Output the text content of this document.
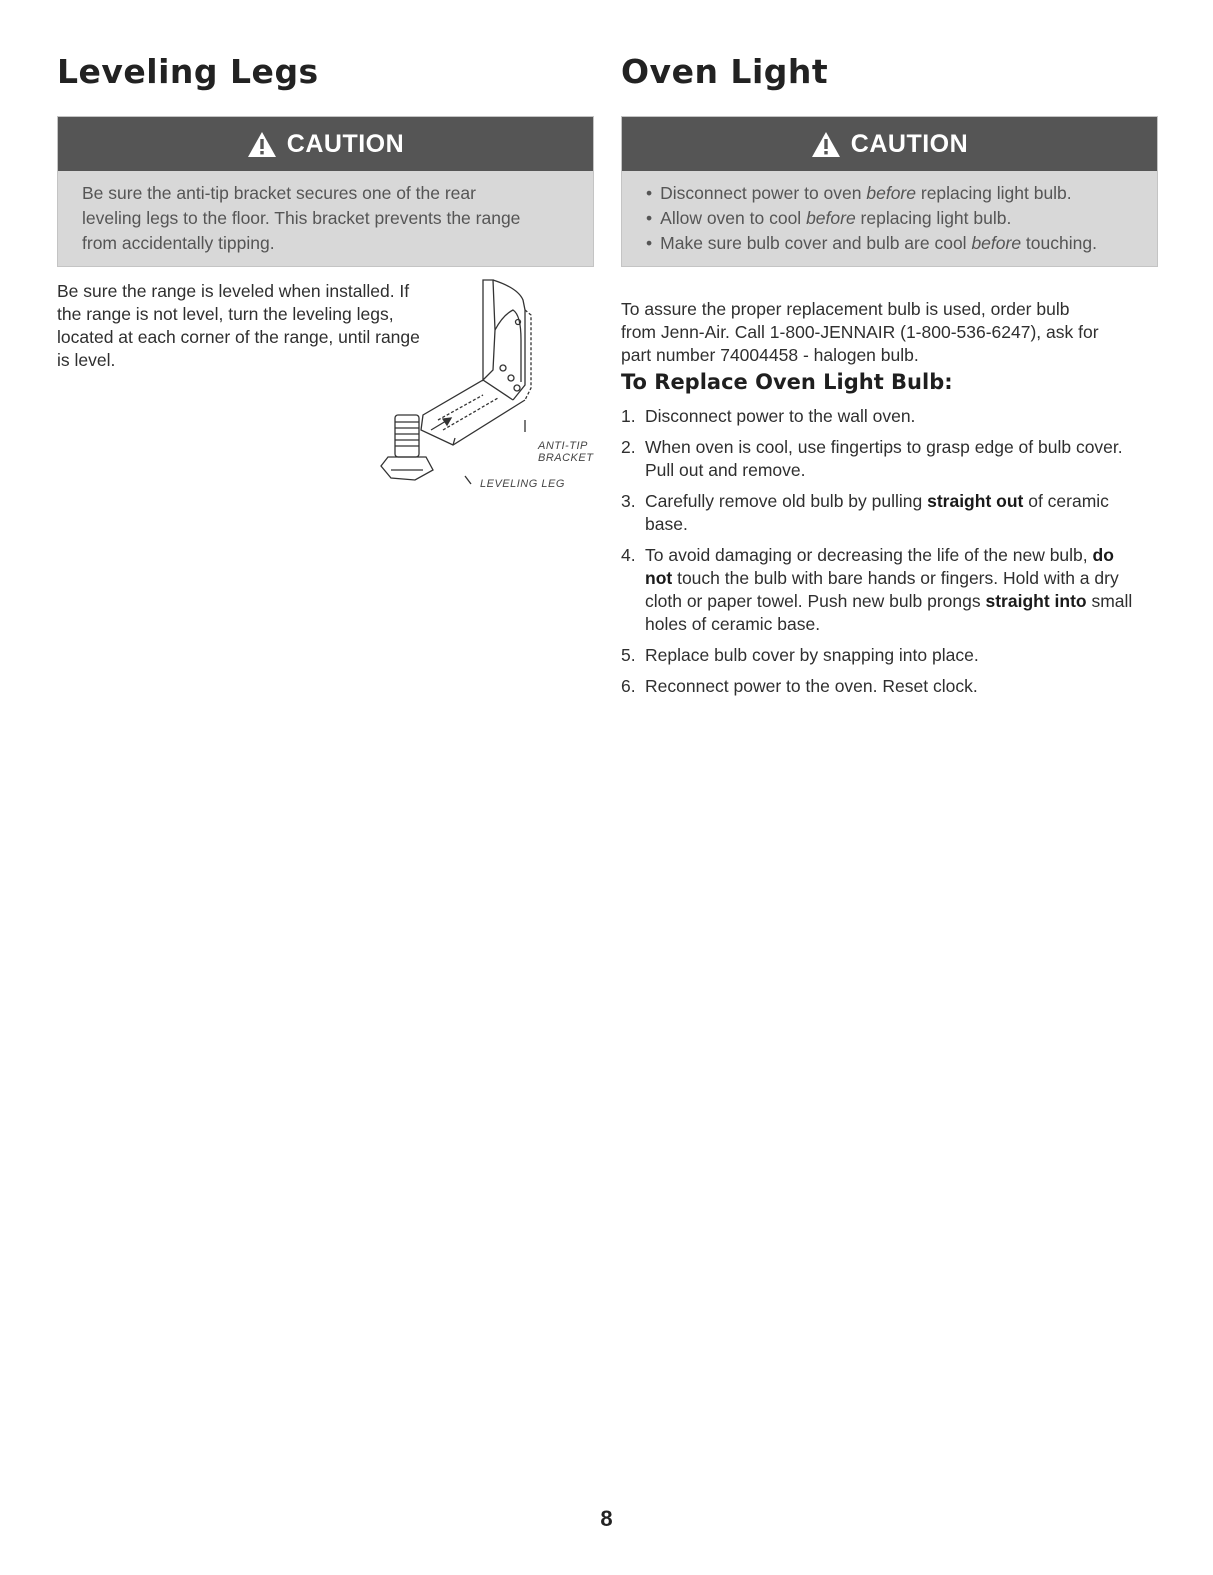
Leveling Legs
CAUTION
Be sure the anti-tip bracket secures one of the rear
leveling legs to the floor. This bracket prevents the range
from accidentally tipping.

Be sure the range is leveled when installed. If
the range is not level, turn the leveling legs,
located at each corner of the range, until range
is level.

ANTI-TIP BRACKET
LEVELING LEG
Oven Light
CAUTION
• Disconnect power to oven before replacing light bulb.
• Allow oven to cool before replacing light bulb.
• Make sure bulb cover and bulb are cool before touching.

To assure the proper replacement bulb is used, order bulb
from Jenn-Air. Call 1-800-JENNAIR (1-800-536-6247), ask for
part number 74004458 - halogen bulb.

To Replace Oven Light Bulb:
1. Disconnect power to the wall oven.
2. When oven is cool, use fingertips to grasp edge of bulb cover. Pull out and remove.
3. Carefully remove old bulb by pulling straight out of ceramic base.
4. To avoid damaging or decreasing the life of the new bulb, do not touch the bulb with bare hands or fingers. Hold with a dry cloth or paper towel. Push new bulb prongs straight into small holes of ceramic base.
5. Replace bulb cover by snapping into place.
6. Reconnect power to the oven. Reset clock.
8
